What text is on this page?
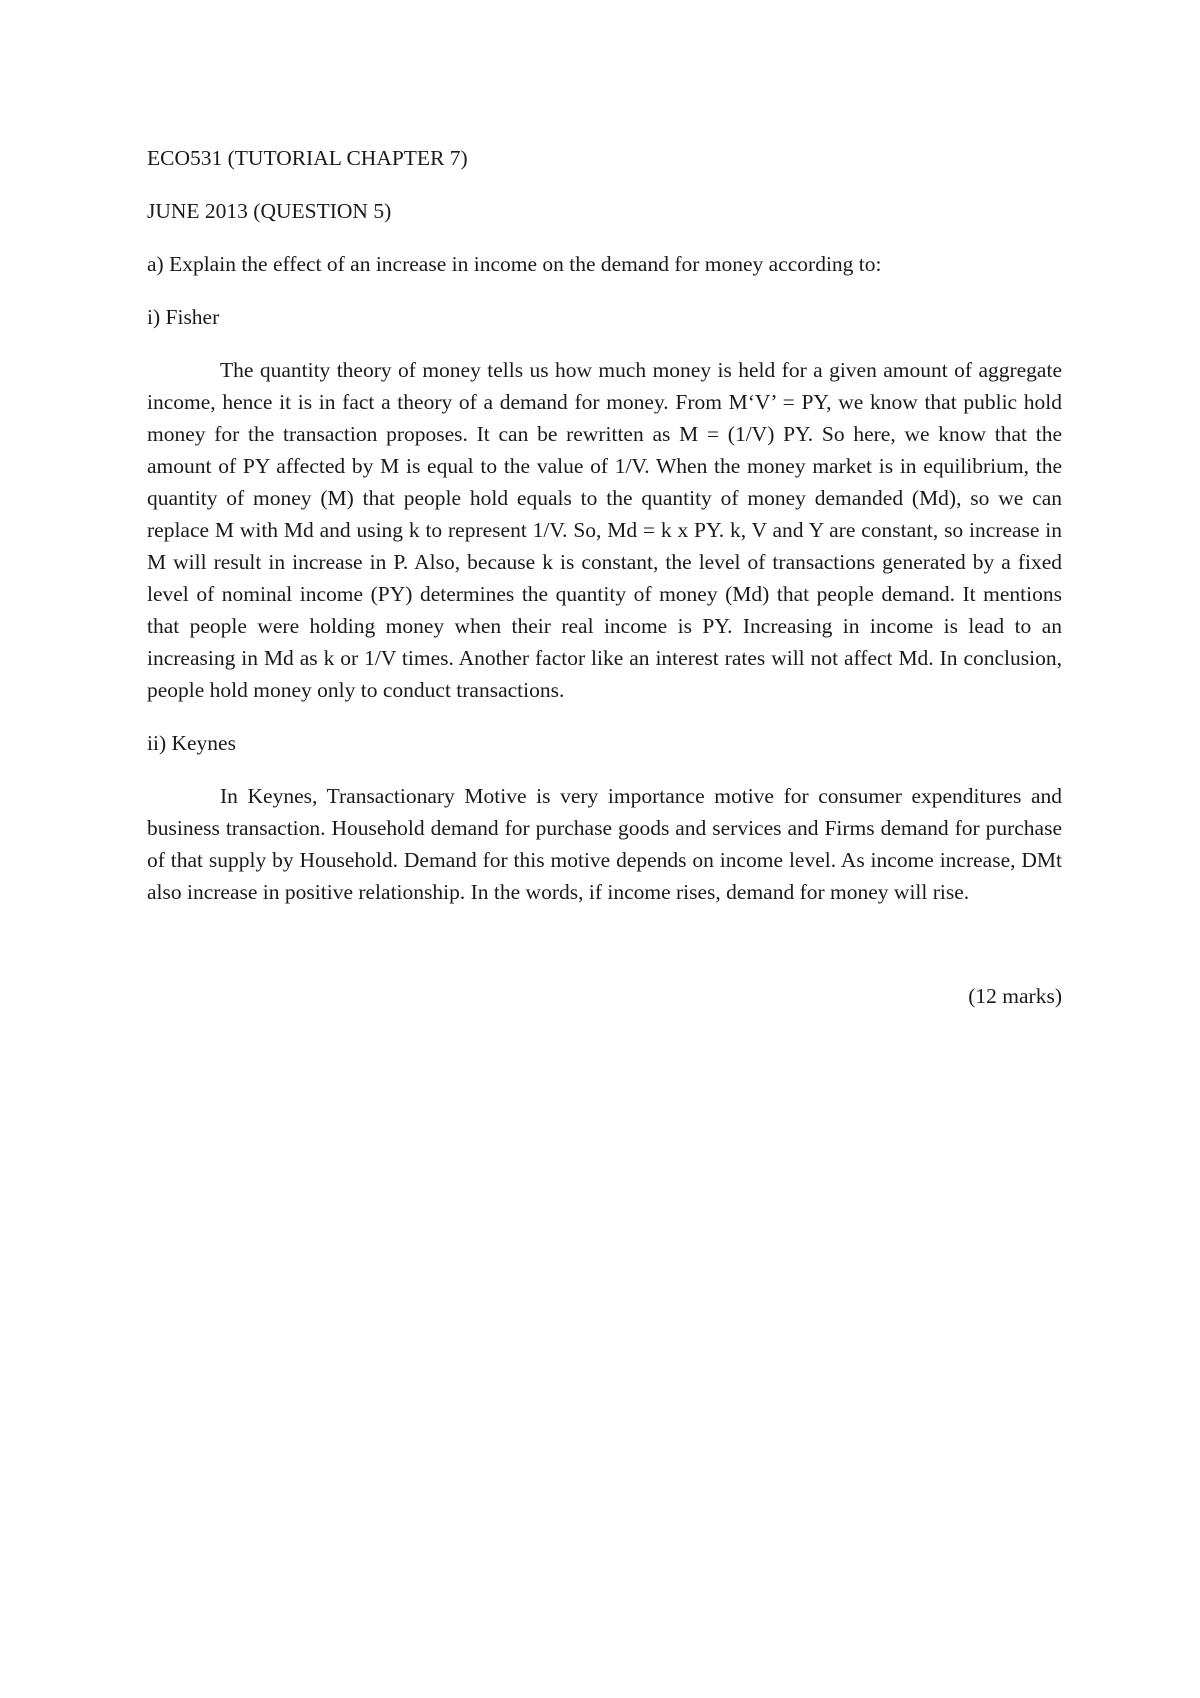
ECO531 (TUTORIAL CHAPTER 7)

JUNE 2013 (QUESTION 5)

a) Explain the effect of an increase in income on the demand for money according to:

i) Fisher

The quantity theory of money tells us how much money is held for a given amount of aggregate income, hence it is in fact a theory of a demand for money. From M‘V’ = PY, we know that public hold money for the transaction proposes. It can be rewritten as M = (1/V) PY. So here, we know that the amount of PY affected by M is equal to the value of 1/V. When the money market is in equilibrium, the quantity of money (M) that people hold equals to the quantity of money demanded (Md), so we can replace M with Md and using k to represent 1/V. So, Md = k x PY. k, V and Y are constant, so increase in M will result in increase in P. Also, because k is constant, the level of transactions generated by a fixed level of nominal income (PY) determines the quantity of money (Md) that people demand. It mentions that people were holding money when their real income is PY. Increasing in income is lead to an increasing in Md as k or 1/V times. Another factor like an interest rates will not affect Md. In conclusion, people hold money only to conduct transactions.

ii) Keynes

In Keynes, Transactionary Motive is very importance motive for consumer expenditures and business transaction. Household demand for purchase goods and services and Firms demand for purchase of that supply by Household. Demand for this motive depends on income level. As income increase, DMt also increase in positive relationship. In the words, if income rises, demand for money will rise.

(12 marks)
